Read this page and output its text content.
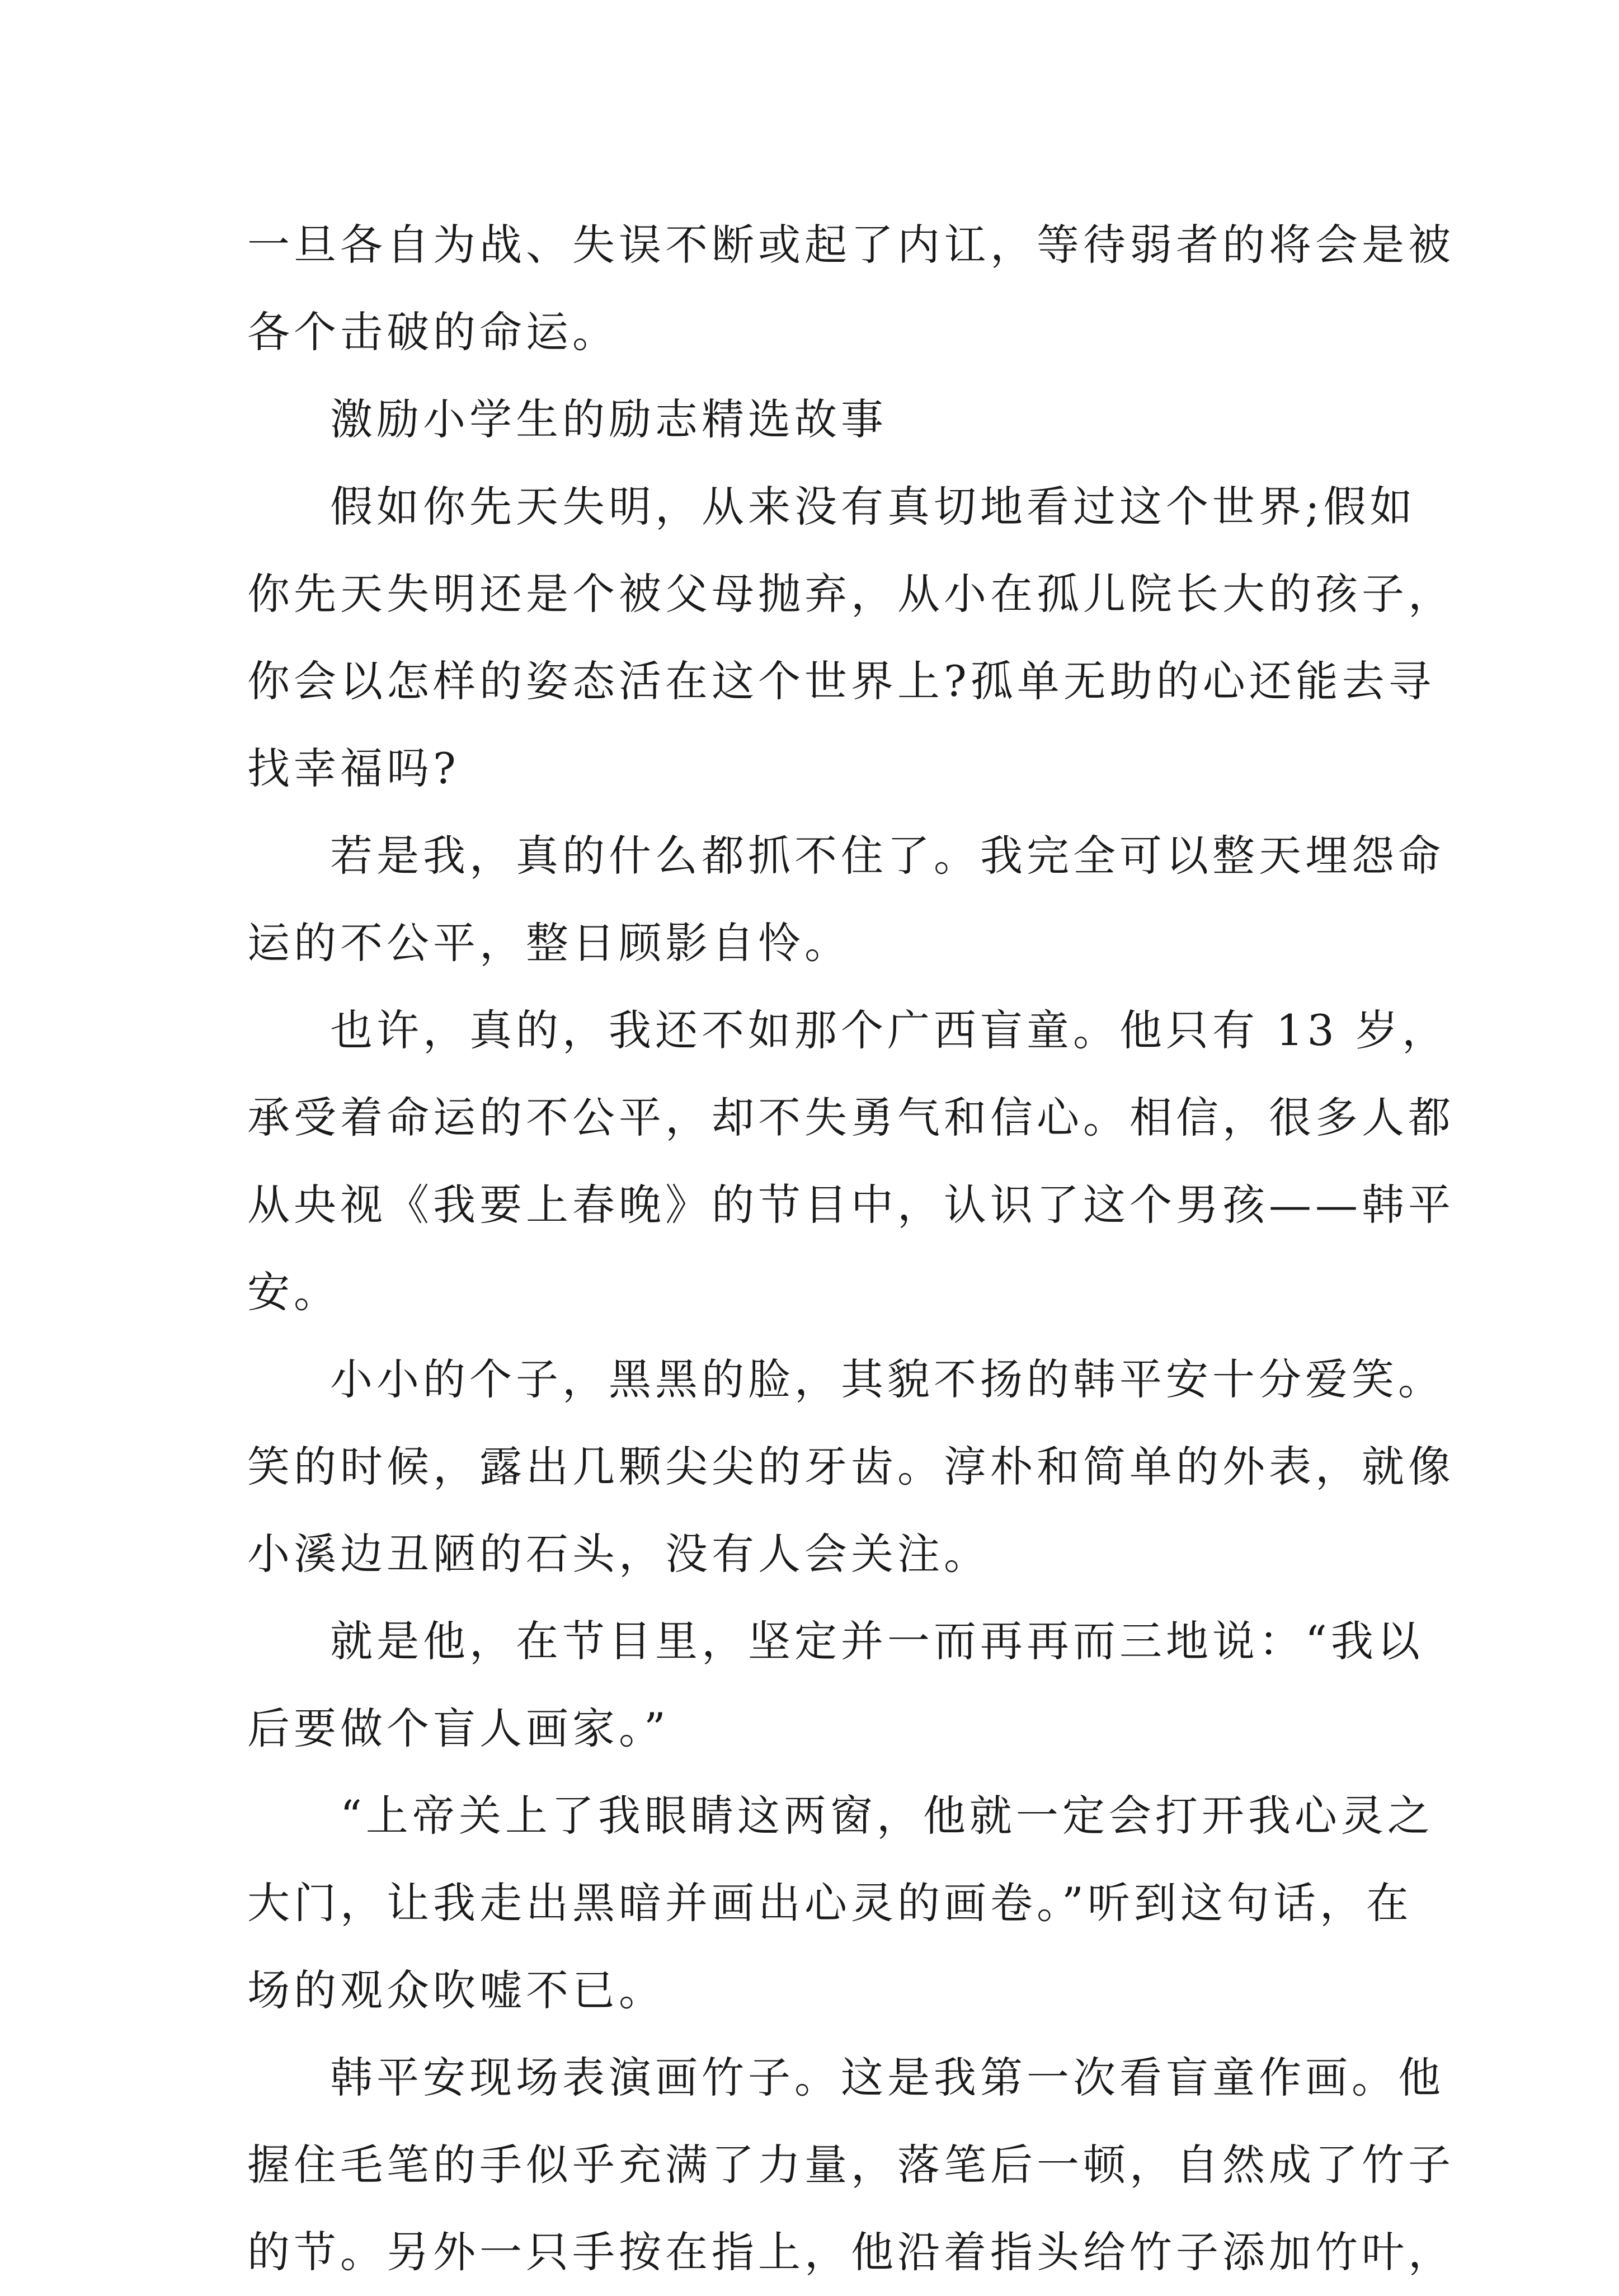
一旦各自为战、失误不断或起了内讧，等待弱者的将会是被
各个击破的命运。
激励小学生的励志精选故事
假如你先天失明，从来没有真切地看过这个世界;假如
你先天失明还是个被父母抛弃，从小在孤儿院长大的孩子，
你会以怎样的姿态活在这个世界上?孤单无助的心还能去寻
找幸福吗?
若是我，真的什么都抓不住了。我完全可以整天埋怨命
运的不公平，整日顾影自怜。
也许，真的，我还不如那个广西盲童。他只有 13 岁，
承受着命运的不公平，却不失勇气和信心。相信，很多人都
从央视《我要上春晚》的节目中，认识了这个男孩——韩平
安。
小小的个子，黑黑的脸，其貌不扬的韩平安十分爱笑。
笑的时候，露出几颗尖尖的牙齿。淳朴和简单的外表，就像
小溪边丑陋的石头，没有人会关注。
就是他，在节目里，坚定并一而再再而三地说：“我以
后要做个盲人画家。”
“上帝关上了我眼睛这两窗，他就一定会打开我心灵之
大门，让我走出黑暗并画出心灵的画卷。”听到这句话，在
场的观众吹嘘不已。
韩平安现场表演画竹子。这是我第一次看盲童作画。他
握住毛笔的手似乎充满了力量，落笔后一顿，自然成了竹子
的节。另外一只手按在指上，他沿着指头给竹子添加竹叶，
